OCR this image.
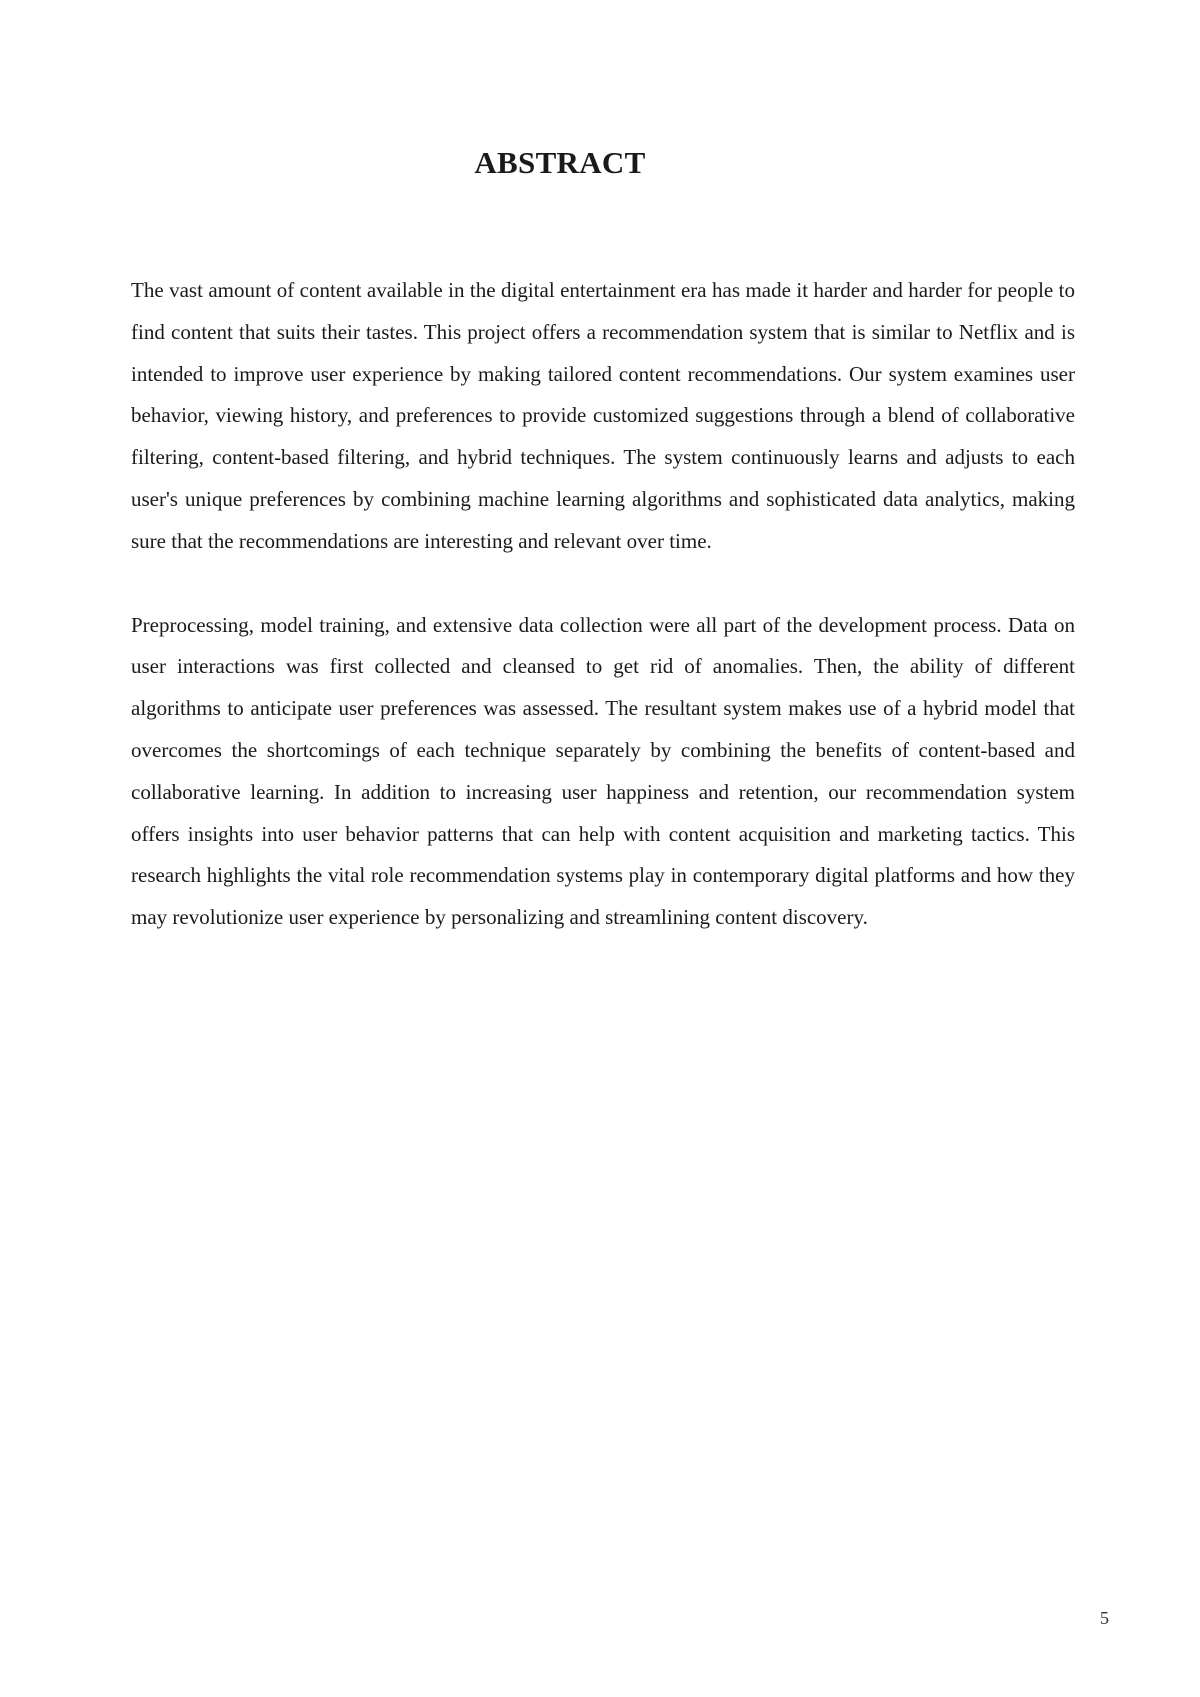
ABSTRACT

The vast amount of content available in the digital entertainment era has made it harder and harder for people to find content that suits their tastes. This project offers a recommendation system that is similar to Netflix and is intended to improve user experience by making tailored content recommendations. Our system examines user behavior, viewing history, and preferences to provide customized suggestions through a blend of collaborative filtering, content-based filtering, and hybrid techniques. The system continuously learns and adjusts to each user's unique preferences by combining machine learning algorithms and sophisticated data analytics, making sure that the recommendations are interesting and relevant over time.

Preprocessing, model training, and extensive data collection were all part of the development process. Data on user interactions was first collected and cleansed to get rid of anomalies. Then, the ability of different algorithms to anticipate user preferences was assessed. The resultant system makes use of a hybrid model that overcomes the shortcomings of each technique separately by combining the benefits of content-based and collaborative learning. In addition to increasing user happiness and retention, our recommendation system offers insights into user behavior patterns that can help with content acquisition and marketing tactics. This research highlights the vital role recommendation systems play in contemporary digital platforms and how they may revolutionize user experience by personalizing and streamlining content discovery.

5
